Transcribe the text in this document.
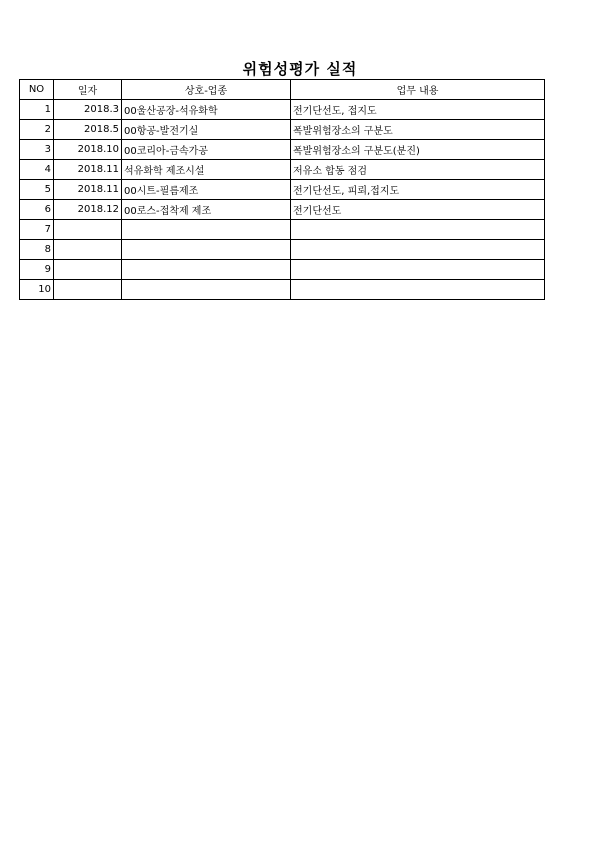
위험성평가 실적
NO	일자	상호-업종	업무 내용
1	2018.3	00울산공장-석유화학	전기단선도, 접지도
2	2018.5	00항공-발전기실	폭발위험장소의 구분도
3	2018.10	00코리아-금속가공	폭발위험장소의 구분도(분진)
4	2018.11	석유화학 제조시설	저유소 합동 점검
5	2018.11	00시트-필름제조	전기단선도, 피뢰,접지도
6	2018.12	00로스-접착제 제조	전기단선도
7			
8			
9			
10			
